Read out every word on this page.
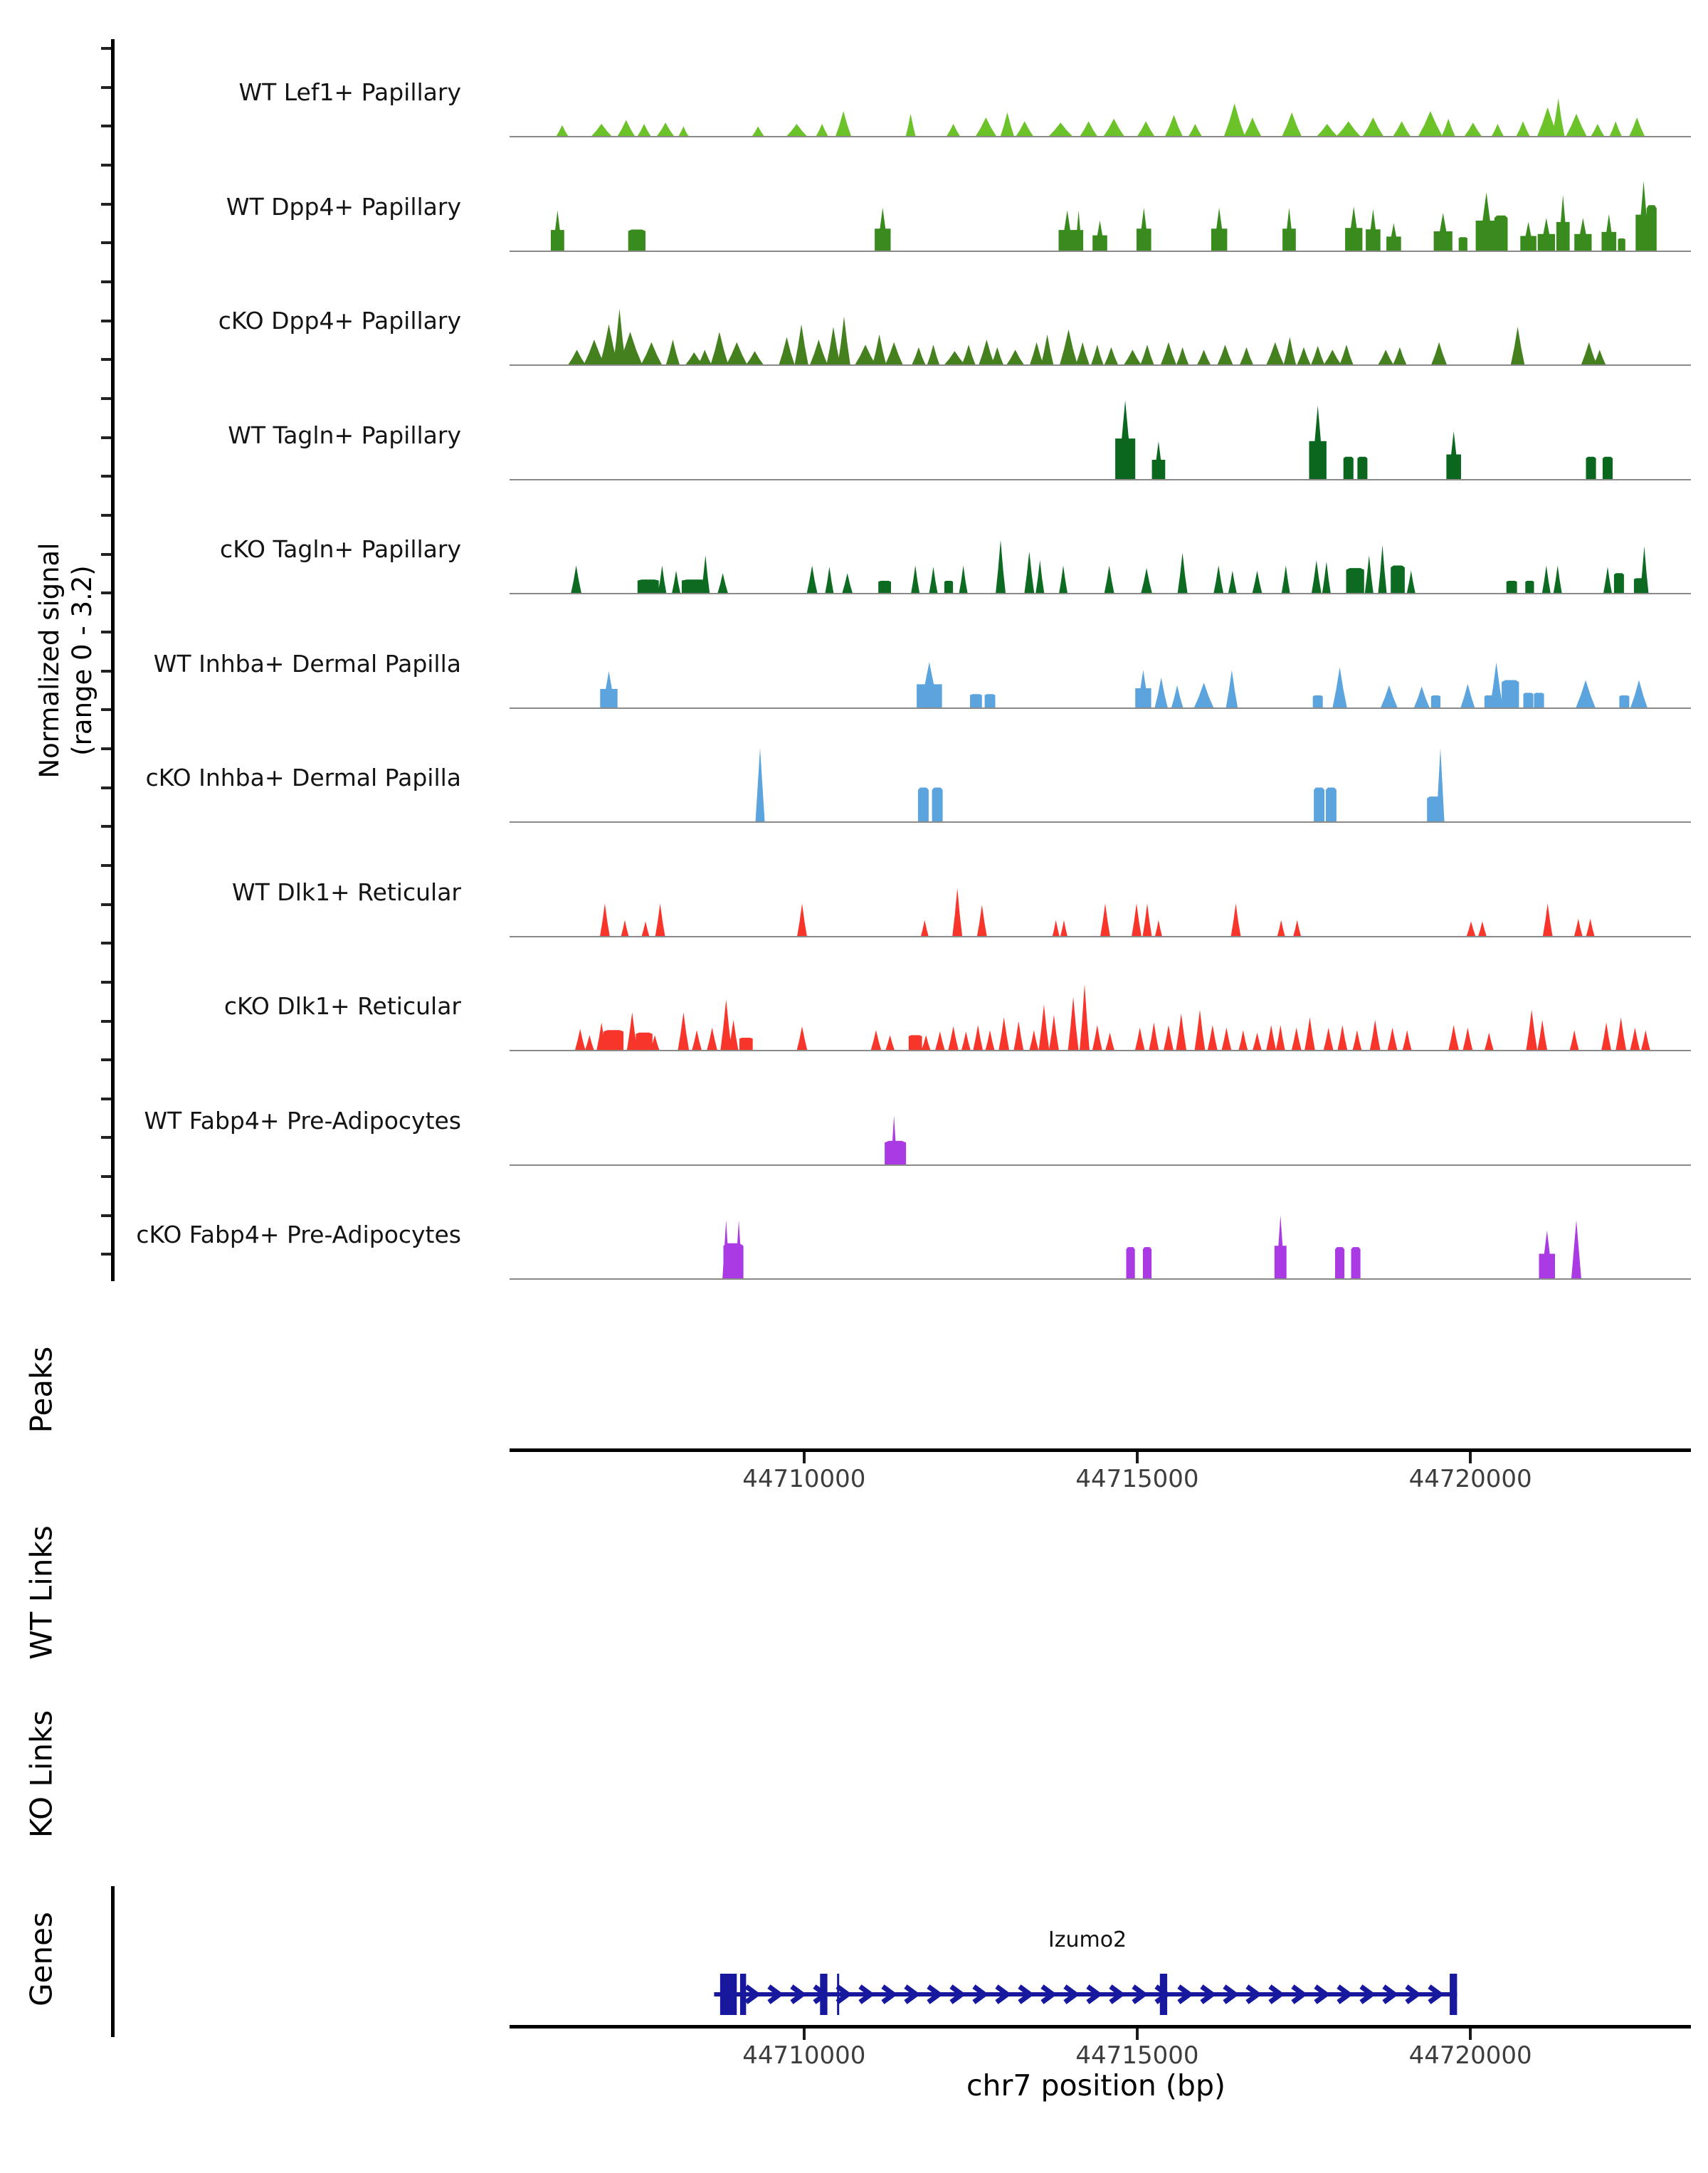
Normalized signal (range 0 - 3.2)
WT Lef1+ Papillary
WT Dpp4+ Papillary
cKO Dpp4+ Papillary
WT Tagln+ Papillary
cKO Tagln+ Papillary
WT Inhba+ Dermal Papilla
cKO Inhba+ Dermal Papilla
WT Dlk1+ Reticular
cKO Dlk1+ Reticular
WT Fabp4+ Pre-Adipocytes
cKO Fabp4+ Pre-Adipocytes
Peaks
WT Links
KO Links
Genes
44710000	44715000	44720000
Izumo2
44710000	44715000	44720000
chr7 position (bp)
